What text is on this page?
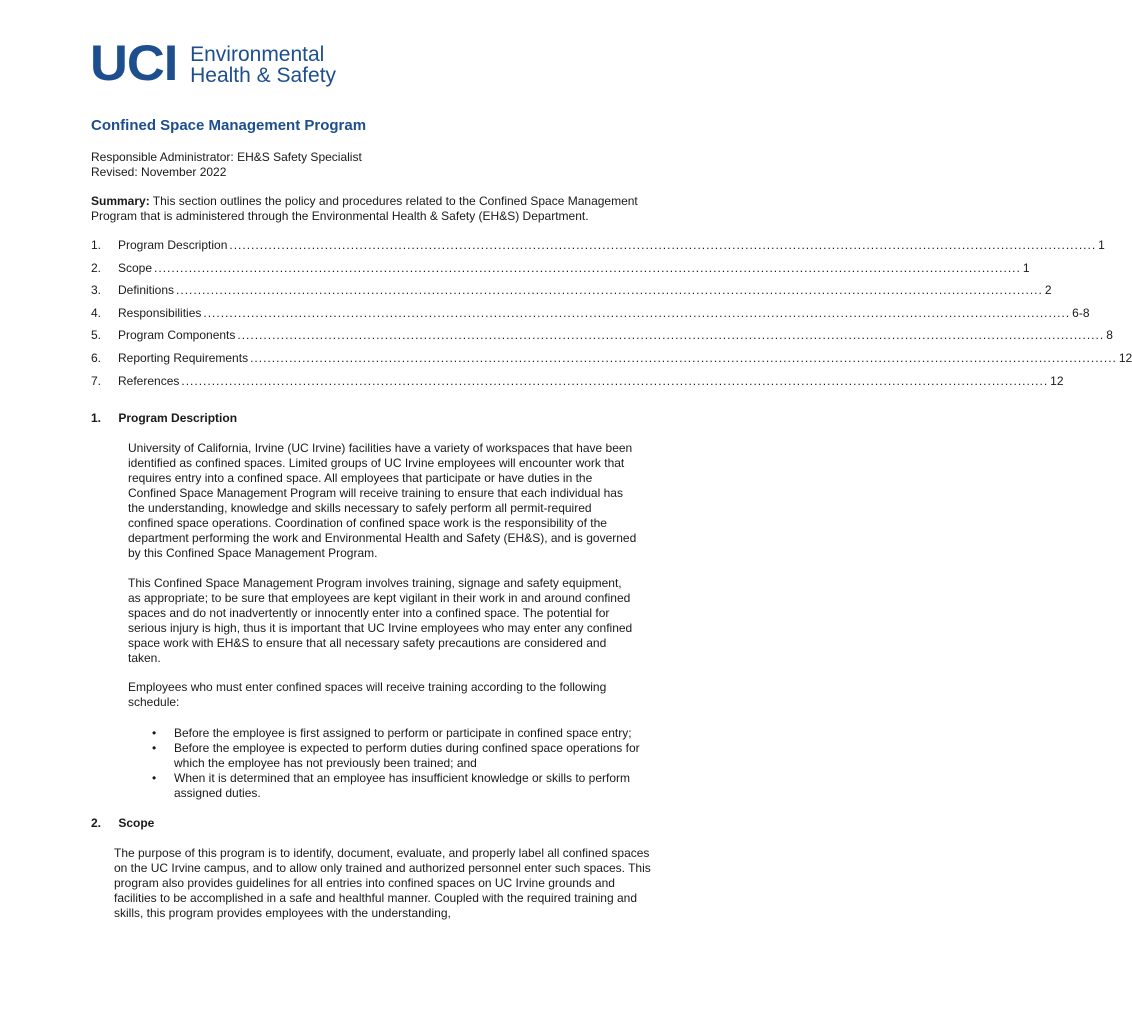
UCI Environmental
Health & Safety
Confined Space Management Program
Responsible Administrator: EH&S Safety Specialist
Revised: November 2022
Summary: This section outlines the policy and procedures related to the Confined Space Management Program that is administered through the Environmental Health & Safety (EH&S) Department.
1.	Program Description ........................................................................................................................................................................................................ 1
2.	Scope ........................................................................................................................................................................................................ 1
3.	Definitions ........................................................................................................................................................................................................ 2
4.	Responsibilities ........................................................................................................................................................................................................ 6-8
5.	Program Components ........................................................................................................................................................................................................ 8
6.	Reporting Requirements ........................................................................................................................................................................................................ 12
7.	References ........................................................................................................................................................................................................ 12
1. Program Description
University of California, Irvine (UC Irvine) facilities have a variety of workspaces that have been identified as confined spaces. Limited groups of UC Irvine employees will encounter work that requires entry into a confined space. All employees that participate or have duties in the Confined Space Management Program will receive training to ensure that each individual has the understanding, knowledge and skills necessary to safely perform all permit-required confined space operations. Coordination of confined space work is the responsibility of the department performing the work and Environmental Health and Safety (EH&S), and is governed by this Confined Space Management Program.
This Confined Space Management Program involves training, signage and safety equipment, as appropriate; to be sure that employees are kept vigilant in their work in and around confined spaces and do not inadvertently or innocently enter into a confined space. The potential for serious injury is high, thus it is important that UC Irvine employees who may enter any confined space work with EH&S to ensure that all necessary safety precautions are considered and taken.
Employees who must enter confined spaces will receive training according to the following schedule:
•	Before the employee is first assigned to perform or participate in confined space entry;
•	Before the employee is expected to perform duties during confined space operations for which the employee has not previously been trained; and
•	When it is determined that an employee has insufficient knowledge or skills to perform assigned duties.
2. Scope
The purpose of this program is to identify, document, evaluate, and properly label all confined spaces on the UC Irvine campus, and to allow only trained and authorized personnel enter such spaces. This program also provides guidelines for all entries into confined spaces on UC Irvine grounds and facilities to be accomplished in a safe and healthful manner. Coupled with the required training and skills, this program provides employees with the understanding,
